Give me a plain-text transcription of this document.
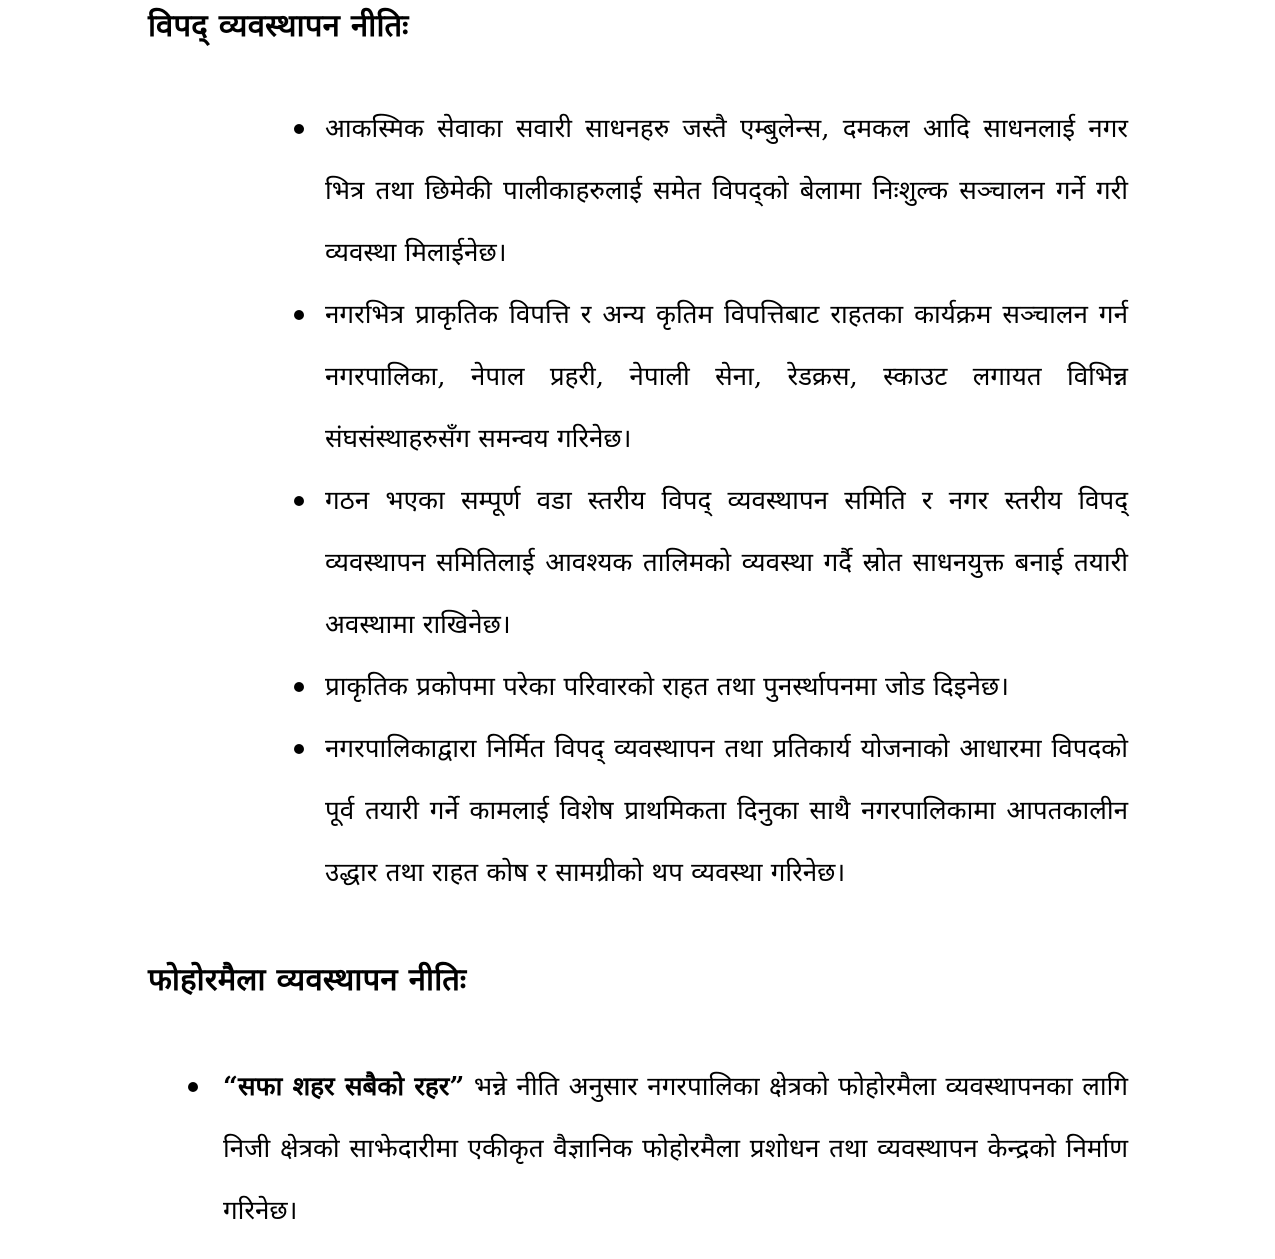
विपद् व्यवस्थापन नीतिः
आकस्मिक सेवाका सवारी साधनहरु जस्तै एम्बुलेन्स, दमकल आदि साधनलाई नगर भित्र तथा छिमेकी पालीकाहरुलाई समेत विपद्को बेलामा निःशुल्क सञ्चालन गर्ने गरी व्यवस्था मिलाईनेछ।
नगरभित्र प्राकृतिक विपत्ति र अन्य कृतिम विपत्तिबाट राहतका कार्यक्रम सञ्चालन गर्न नगरपालिका, नेपाल प्रहरी, नेपाली सेना, रेडक्रस, स्काउट लगायत विभिन्न संघसंस्थाहरुसँग समन्वय गरिनेछ।
गठन भएका सम्पूर्ण वडा स्तरीय विपद् व्यवस्थापन समिति र नगर स्तरीय विपद् व्यवस्थापन समितिलाई आवश्यक तालिमको व्यवस्था गर्दै स्रोत साधनयुक्त बनाई तयारी अवस्थामा राखिनेछ।
प्राकृतिक प्रकोपमा परेका परिवारको राहत तथा पुनर्स्थापनमा जोड दिइनेछ।
नगरपालिकाद्वारा निर्मित विपद् व्यवस्थापन तथा प्रतिकार्य योजनाको आधारमा विपदको पूर्व तयारी गर्ने कामलाई विशेष प्राथमिकता दिनुका साथै नगरपालिकामा आपतकालीन उद्धार तथा राहत कोष र सामग्रीको थप व्यवस्था गरिनेछ।
फोहोरमैला व्यवस्थापन नीतिः
“सफा शहर सबैको रहर” भन्ने नीति अनुसार नगरपालिका क्षेत्रको फोहोरमैला व्यवस्थापनका लागि निजी क्षेत्रको साझेदारीमा एकीकृत वैज्ञानिक फोहोरमैला प्रशोधन तथा व्यवस्थापन केन्द्रको निर्माण गरिनेछ।
